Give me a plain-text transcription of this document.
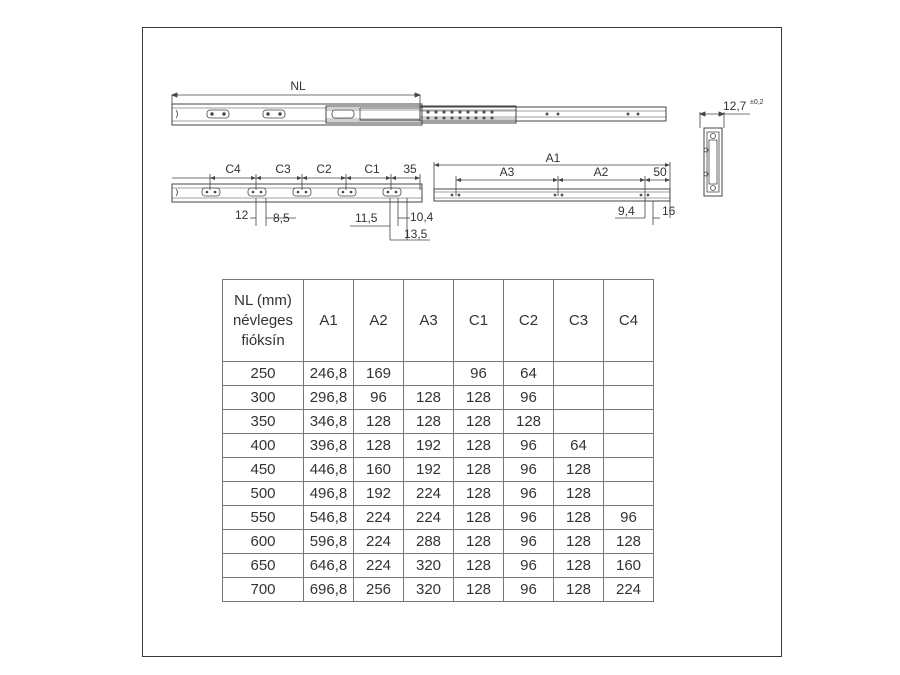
NL
12,7 ±0,2
C4	C3 C2	C1 35
12 8,5	11,5	10,4
13,5
A1
A3	A2	50
9,4 16
NL (mm)
névleges
fióksín	A1	A2	A3	C1	C2	C3	C4
250	246,8	169		96	64		
300	296,8	96	128	128	96		
350	346,8	128	128	128	128		
400	396,8	128	192	128	96	64	
450	446,8	160	192	128	96	128	
500	496,8	192	224	128	96	128	
550	546,8	224	224	128	96	128	96
600	596,8	224	288	128	96	128	128
650	646,8	224	320	128	96	128	160
700	696,8	256	320	128	96	128	224
